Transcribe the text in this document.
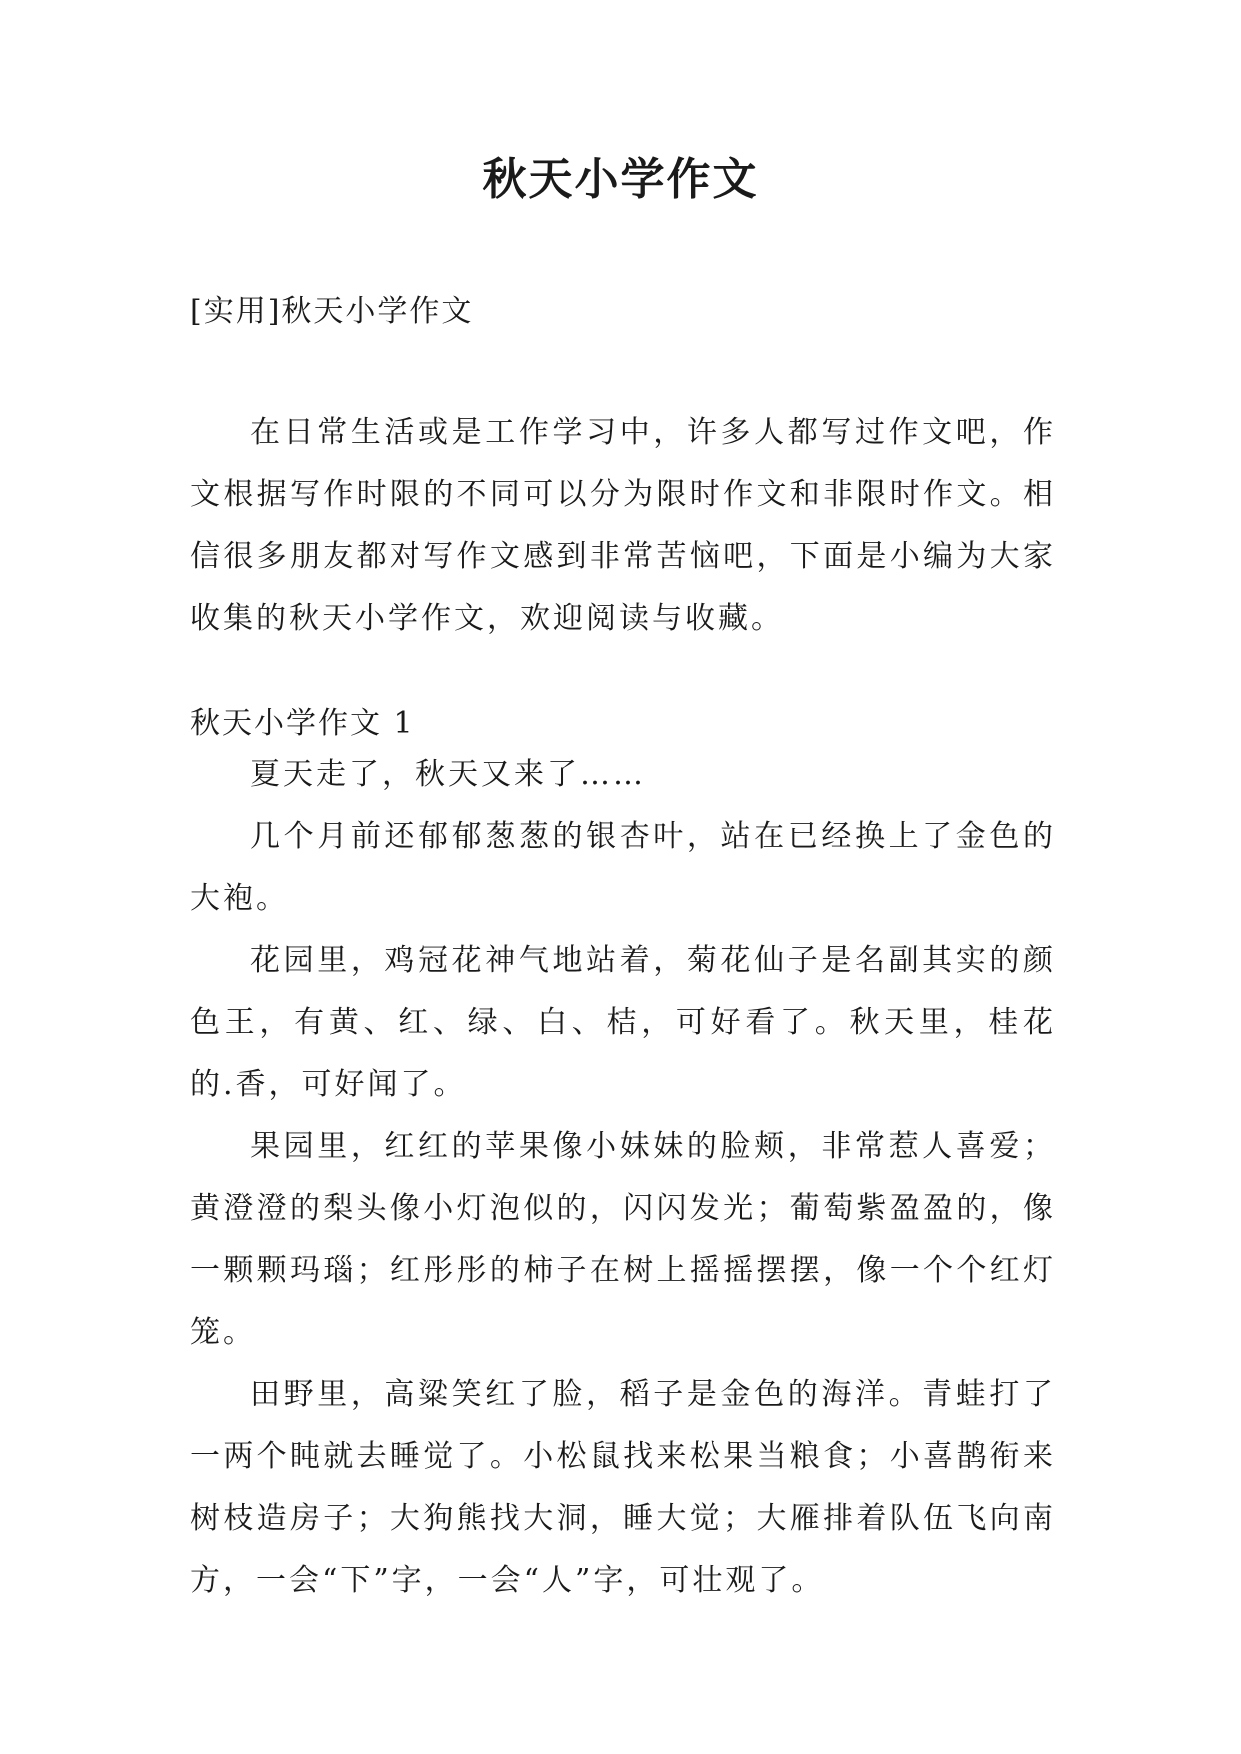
秋天小学作文
[实用]秋天小学作文

在日常生活或是工作学习中，许多人都写过作文吧，作文根据写作时限的不同可以分为限时作文和非限时作文。相信很多朋友都对写作文感到非常苦恼吧，下面是小编为大家收集的秋天小学作文，欢迎阅读与收藏。

秋天小学作文 1

夏天走了，秋天又来了……

几个月前还郁郁葱葱的银杏叶，站在已经换上了金色的大袍。

花园里，鸡冠花神气地站着，菊花仙子是名副其实的颜色王，有黄、红、绿、白、桔，可好看了。秋天里，桂花的.香，可好闻了。

果园里，红红的苹果像小妹妹的脸颊，非常惹人喜爱；黄澄澄的梨头像小灯泡似的，闪闪发光；葡萄紫盈盈的，像一颗颗玛瑙；红彤彤的柿子在树上摇摇摆摆，像一个个红灯笼。

田野里，高粱笑红了脸，稻子是金色的海洋。青蛙打了一两个盹就去睡觉了。小松鼠找来松果当粮食；小喜鹊衔来树枝造房子；大狗熊找大洞，睡大觉；大雁排着队伍飞向南方，一会“下”字，一会“人”字，可壮观了。
